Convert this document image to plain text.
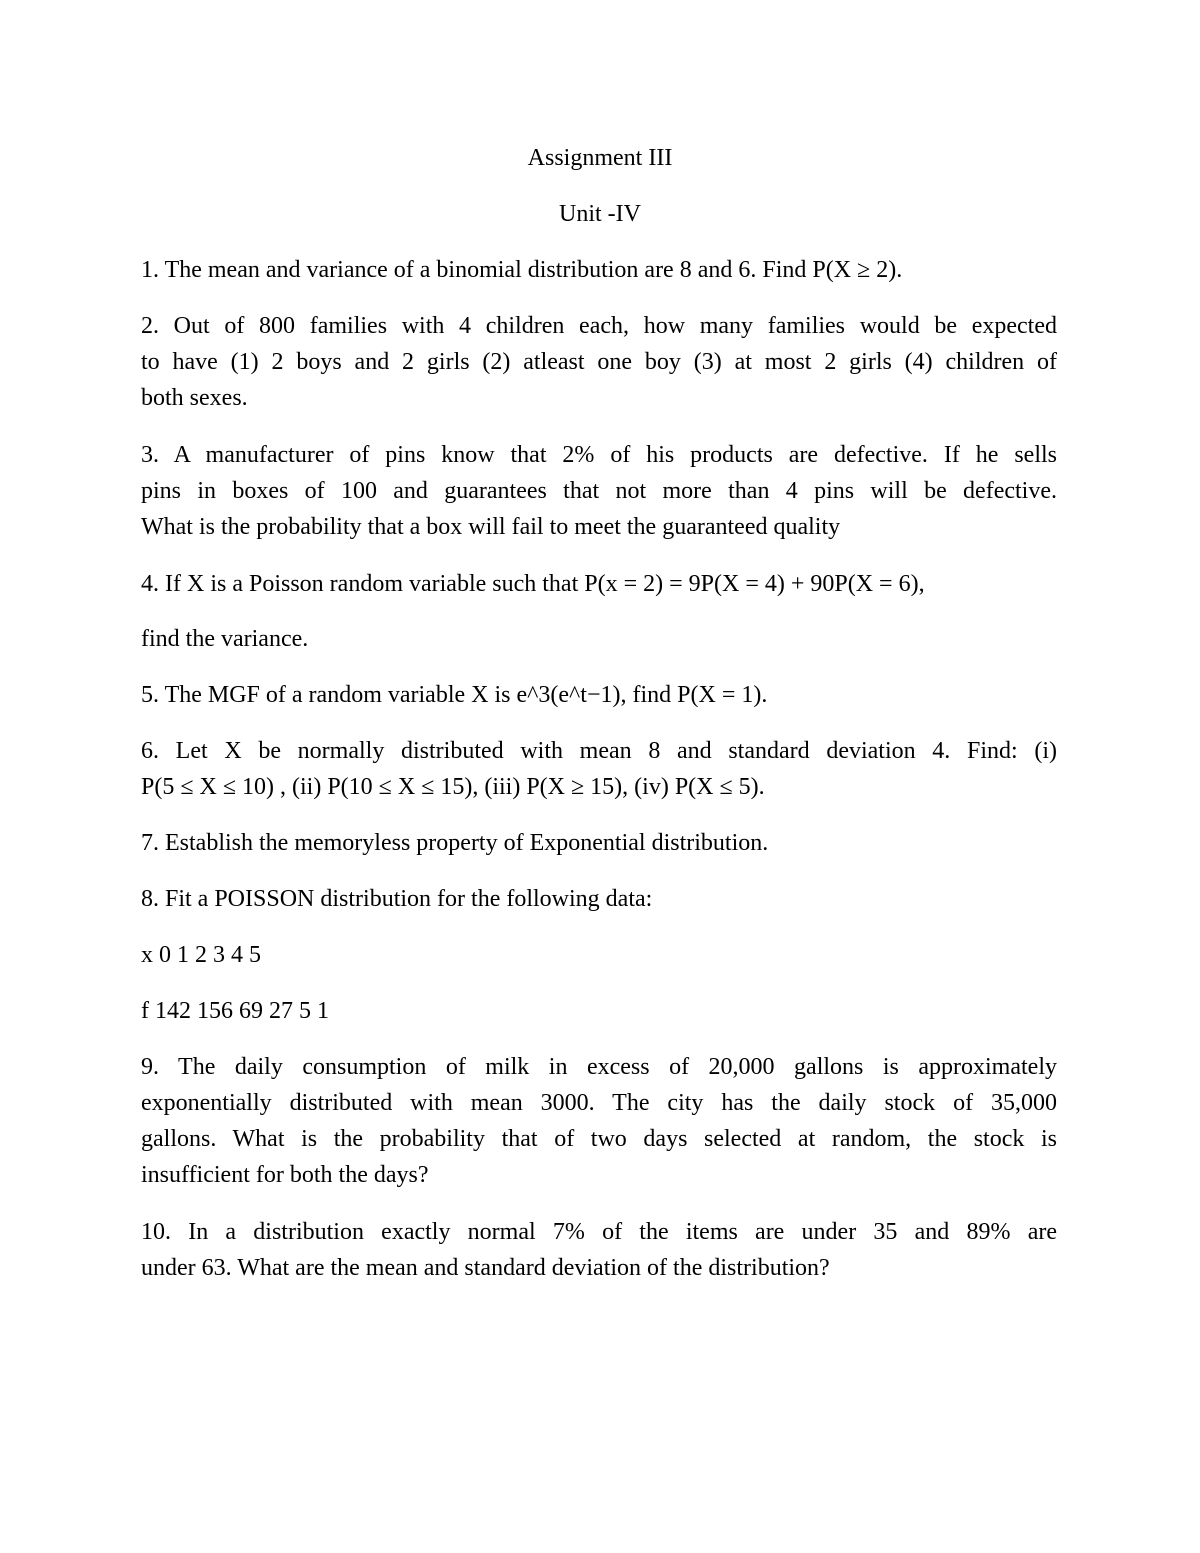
Assignment III
Unit -IV
1. The mean and variance of a binomial distribution are 8 and 6. Find P(X ≥ 2).
2. Out of 800 families with 4 children each, how many families would be expected
to have (1) 2 boys and 2 girls (2) atleast one boy (3) at most 2 girls (4) children of
both sexes.
3. A manufacturer of pins know that 2% of his products are defective. If he sells
pins in boxes of 100 and guarantees that not more than 4 pins will be defective.
What is the probability that a box will fail to meet the guaranteed quality
4. If X is a Poisson random variable such that P(x = 2) = 9P(X = 4) + 90P(X = 6),
find the variance.
5. The MGF of a random variable X is e^3(e^t−1), find P(X = 1).
6. Let X be normally distributed with mean 8 and standard deviation 4. Find: (i)
P(5 ≤ X ≤ 10) , (ii) P(10 ≤ X ≤ 15), (iii) P(X ≥ 15), (iv) P(X ≤ 5).
7. Establish the memoryless property of Exponential distribution.
8. Fit a POISSON distribution for the following data:
x 0 1 2 3 4 5
f 142 156 69 27 5 1
9. The daily consumption of milk in excess of 20,000 gallons is approximately
exponentially distributed with mean 3000. The city has the daily stock of 35,000
gallons. What is the probability that of two days selected at random, the stock is
insufficient for both the days?
10. In a distribution exactly normal 7% of the items are under 35 and 89% are
under 63. What are the mean and standard deviation of the distribution?
